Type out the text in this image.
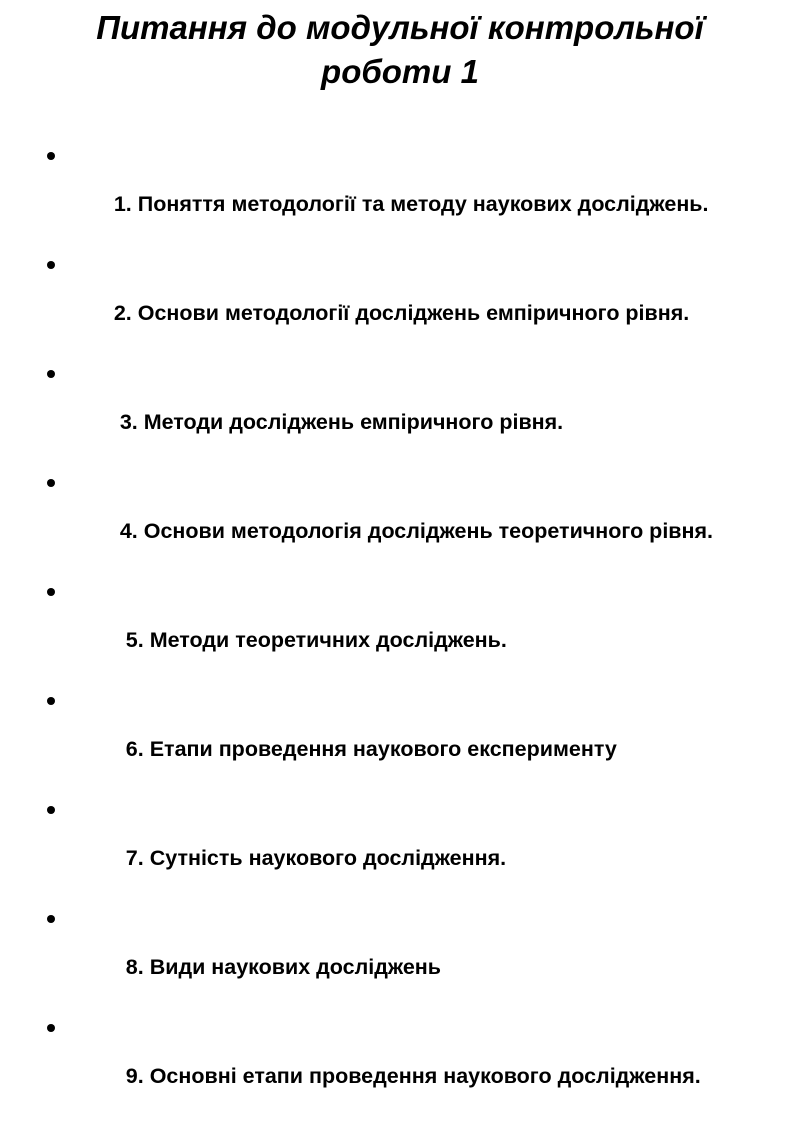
Питання до модульної контрольної
роботи 1

1. Поняття методології та методу наукових досліджень.

2. Основи методології досліджень емпіричного рівня.

3. Методи досліджень емпіричного рівня.

4. Основи методологія досліджень теоретичного рівня.

5. Методи теоретичних досліджень.

6. Етапи проведення наукового експерименту

7. Сутність наукового дослідження.

8. Види наукових досліджень

9. Основні етапи проведення наукового дослідження.
